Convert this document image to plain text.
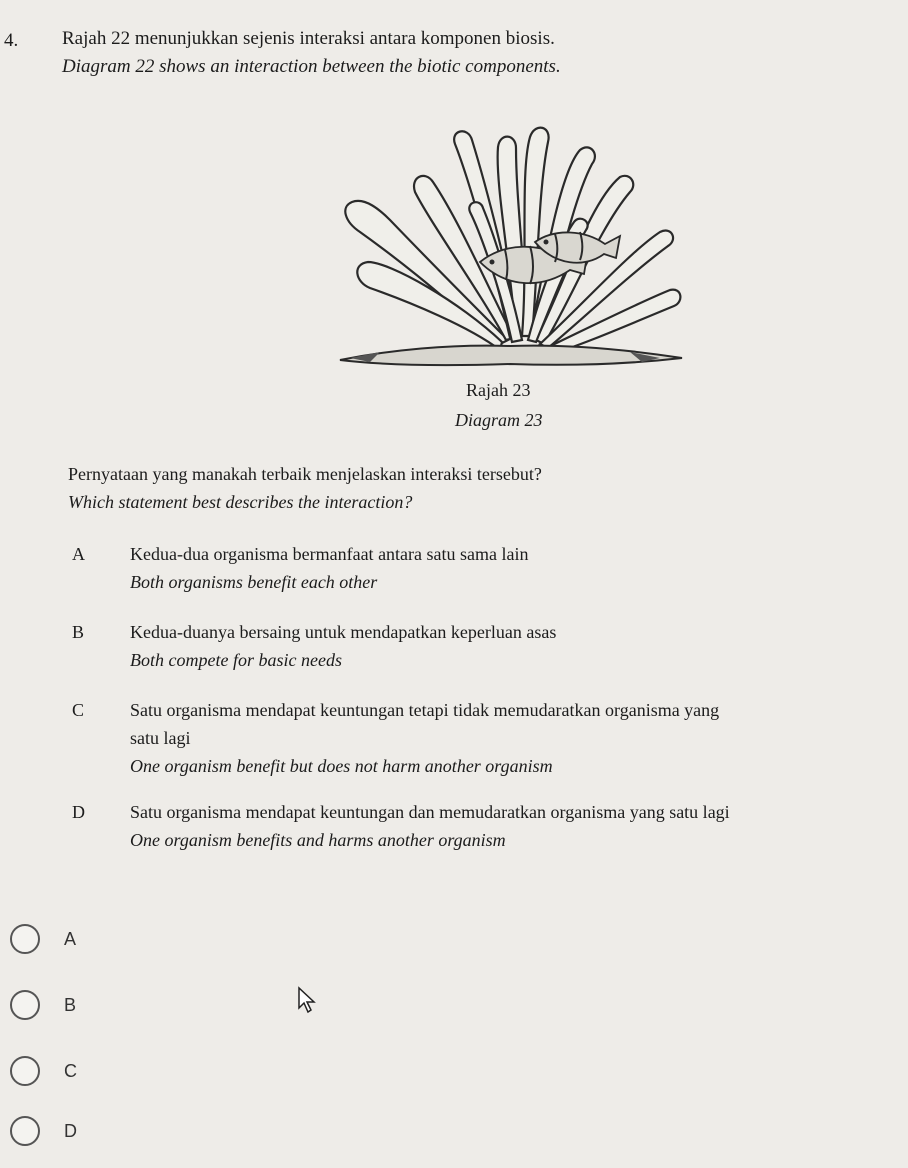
4. Rajah 22 menunjukkan sejenis interaksi antara komponen biosis.
Diagram 22 shows an interaction between the biotic components.
Rajah 23
Diagram 23
Pernyataan yang manakah terbaik menjelaskan interaksi tersebut?
Which statement best describes the interaction?
A	Kedua-dua organisma bermanfaat antara satu sama lain
Both organisms benefit each other
B	Kedua-duanya bersaing untuk mendapatkan keperluan asas
Both compete for basic needs
C	Satu organisma mendapat keuntungan tetapi tidak memudaratkan organisma yang
satu lagi
One organism benefit but does not harm another organism
D	Satu organisma mendapat keuntungan dan memudaratkan organisma yang satu lagi
One organism benefits and harms another organism
A
B
C
D
